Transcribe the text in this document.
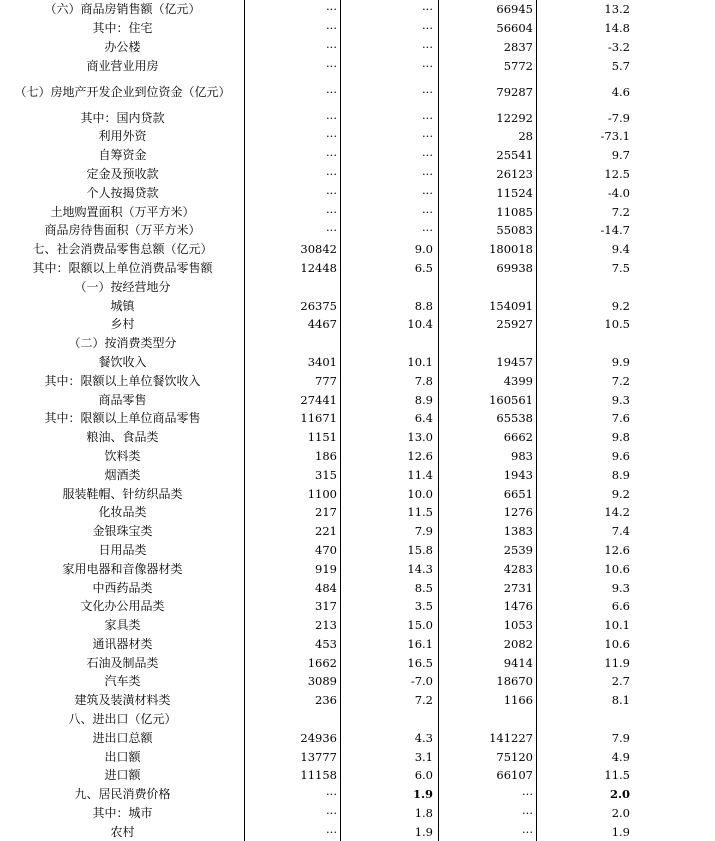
（六）商品房销售额（亿元）	···	···	66945	13.2
其中：住宅	···	···	56604	14.8
办公楼	···	···	2837	-3.2
商业营业用房	···	···	5772	5.7
（七）房地产开发企业到位资金（亿元）	···	···	79287	4.6
其中：国内贷款	···	···	12292	-7.9
利用外资	···	···	28	-73.1
自筹资金	···	···	25541	9.7
定金及预收款	···	···	26123	12.5
个人按揭贷款	···	···	11524	-4.0
土地购置面积（万平方米）	···	···	11085	7.2
商品房待售面积（万平方米）	···	···	55083	-14.7
七、社会消费品零售总额（亿元）	30842	9.0	180018	9.4
其中：限额以上单位消费品零售额	12448	6.5	69938	7.5
（一）按经营地分
城镇	26375	8.8	154091	9.2
乡村	4467	10.4	25927	10.5
（二）按消费类型分
餐饮收入	3401	10.1	19457	9.9
其中：限额以上单位餐饮收入	777	7.8	4399	7.2
商品零售	27441	8.9	160561	9.3
其中：限额以上单位商品零售	11671	6.4	65538	7.6
粮油、食品类	1151	13.0	6662	9.8
饮料类	186	12.6	983	9.6
烟酒类	315	11.4	1943	8.9
服装鞋帽、针纺织品类	1100	10.0	6651	9.2
化妆品类	217	11.5	1276	14.2
金银珠宝类	221	7.9	1383	7.4
日用品类	470	15.8	2539	12.6
家用电器和音像器材类	919	14.3	4283	10.6
中西药品类	484	8.5	2731	9.3
文化办公用品类	317	3.5	1476	6.6
家具类	213	15.0	1053	10.1
通讯器材类	453	16.1	2082	10.6
石油及制品类	1662	16.5	9414	11.9
汽车类	3089	-7.0	18670	2.7
建筑及装潢材料类	236	7.2	1166	8.1
八、进出口（亿元）
进出口总额	24936	4.3	141227	7.9
出口额	13777	3.1	75120	4.9
进口额	11158	6.0	66107	11.5
九、居民消费价格	···	1.9	···	2.0
其中：城市	···	1.8	···	2.0
农村	···	1.9	···	1.9
